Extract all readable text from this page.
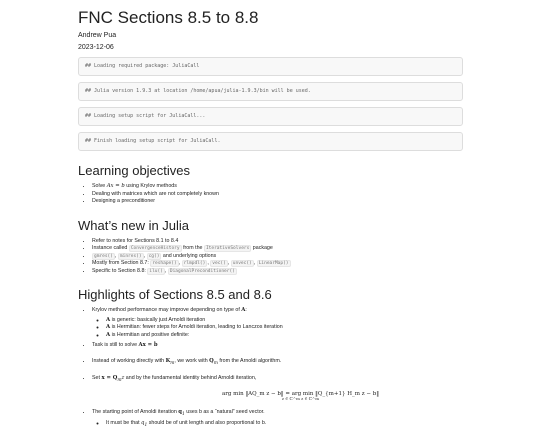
FNC Sections 8.5 to 8.8
Andrew Pua
2023-12-06
## Loading required package: JuliaCall
## Julia version 1.9.3 at location /home/apua/julia-1.9.3/bin will be used.
## Loading setup script for JuliaCall...
## Finish loading setup script for JuliaCall.
Learning objectives
• Solve Ax = b using Krylov methods
• Dealing with matrices which are not completely known
• Designing a preconditioner
What’s new in Julia
• Refer to notes for Sections 8.1 to 8.4
• Instance called ConvergenceHistory from the IterativeSolvers package
• gmres() , minres() , cg() and underlying options
• Mostly from Section 8.7: reshape() , rlmpdl() , vec() , unvec() , LinearMap()
• Specific to Section 8.8: ilu() , DiagonalPreconditioner()
Highlights of Sections 8.5 and 8.6
• Krylov method performance may improve depending on type of A:
◦ A is generic: basically just Arnoldi iteration
◦ A is Hermitian: fewer steps for Arnoldi iteration, leading to Lanczos iteration
◦ A is Hermitian and positive definite:
• Task is still to solve Ax = b
• Instead of working directly with $K_m$, we work with $Q_m$ from the Arnoldi algorithm.
• Set $x = Q_mz$ and by the fundamental identity behind Arnoldi iteration,
arg min ‖AQ_m z − b‖ = arg min ‖Q_{m+1} H_m z − b‖
z ∈ ℂ^m z ∈ ℂ^m
• The starting point of Arnoldi iteration $q_1$ uses b as a “natural” seed vector.
◦ It must be that $q_1$ should be of unit length and also proportional to b.
